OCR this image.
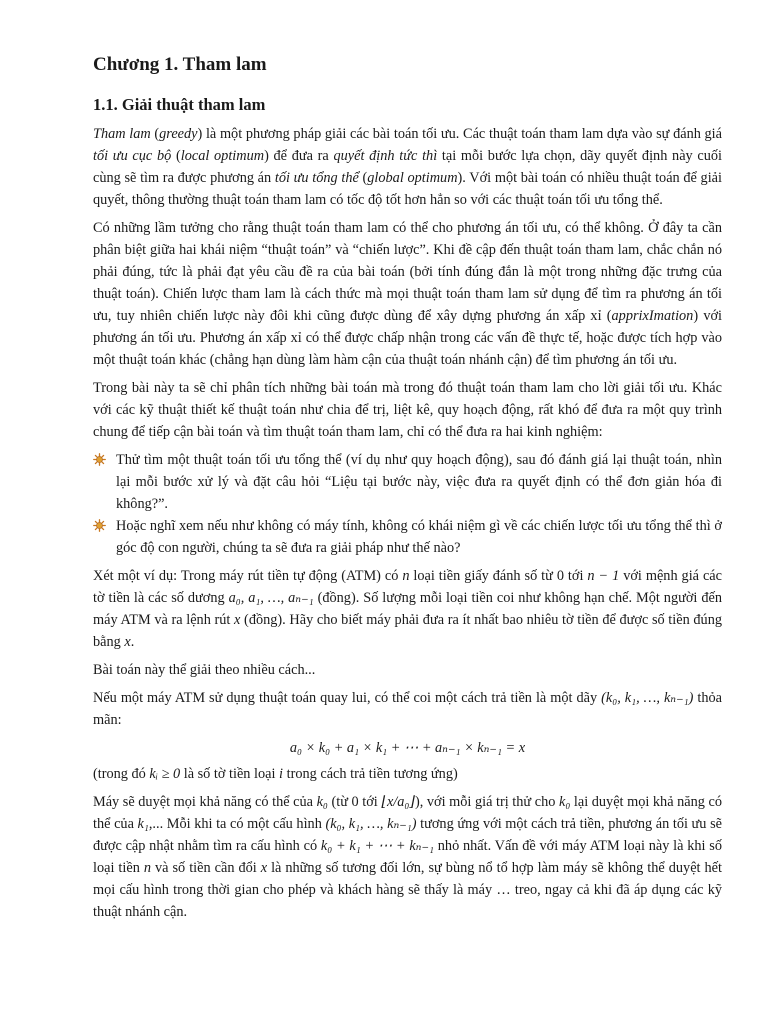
Chương 1. Tham lam
1.1. Giải thuật tham lam

Tham lam (greedy) là một phương pháp giải các bài toán tối ưu. Các thuật toán tham lam dựa vào sự đánh giá tối ưu cục bộ (local optimum) để đưa ra quyết định tức thì tại mỗi bước lựa chọn, dãy quyết định này cuối cùng sẽ tìm ra được phương án tối ưu tổng thể (global optimum). Với một bài toán có nhiều thuật toán để giải quyết, thông thường thuật toán tham lam có tốc độ tốt hơn hẳn so với các thuật toán tối ưu tổng thể.

Có những lầm tưởng cho rằng thuật toán tham lam có thể cho phương án tối ưu, có thể không. Ở đây ta cần phân biệt giữa hai khái niệm “thuật toán” và “chiến lược”. Khi đề cập đến thuật toán tham lam, chắc chắn nó phải đúng, tức là phải đạt yêu cầu đề ra của bài toán (bởi tính đúng đắn là một trong những đặc trưng của thuật toán). Chiến lược tham lam là cách thức mà mọi thuật toán tham lam sử dụng để tìm ra phương án tối ưu, tuy nhiên chiến lược này đôi khi cũng được dùng để xây dựng phương án xấp xỉ (apprixImation) với phương án tối ưu. Phương án xấp xỉ có thể được chấp nhận trong các vấn đề thực tế, hoặc được tích hợp vào một thuật toán khác (chẳng hạn dùng làm hàm cận của thuật toán nhánh cận) để tìm phương án tối ưu.

Trong bài này ta sẽ chỉ phân tích những bài toán mà trong đó thuật toán tham lam cho lời giải tối ưu. Khác với các kỹ thuật thiết kế thuật toán như chia để trị, liệt kê, quy hoạch động, rất khó để đưa ra một quy trình chung để tiếp cận bài toán và tìm thuật toán tham lam, chỉ có thể đưa ra hai kinh nghiệm:

Thử tìm một thuật toán tối ưu tổng thể (ví dụ như quy hoạch động), sau đó đánh giá lại thuật toán, nhìn lại mỗi bước xử lý và đặt câu hỏi “Liệu tại bước này, việc đưa ra quyết định có thể đơn giản hóa đi không?”.
Hoặc nghĩ xem nếu như không có máy tính, không có khái niệm gì về các chiến lược tối ưu tổng thể thì ở góc độ con người, chúng ta sẽ đưa ra giải pháp như thế nào?

Xét một ví dụ: Trong máy rút tiền tự động (ATM) có n loại tiền giấy đánh số từ 0 tới n − 1 với mệnh giá các tờ tiền là các số dương a₀, a₁, …, aₙ₋₁ (đồng). Số lượng mỗi loại tiền coi như không hạn chế. Một người đến máy ATM và ra lệnh rút x (đồng). Hãy cho biết máy phải đưa ra ít nhất bao nhiêu tờ tiền để được số tiền đúng bằng x.

Bài toán này thể giải theo nhiều cách...

Nếu một máy ATM sử dụng thuật toán quay lui, có thể coi một cách trả tiền là một dãy (k₀, k₁, …, kₙ₋₁) thỏa mãn:

a₀ × k₀ + a₁ × k₁ + ⋯ + aₙ₋₁ × kₙ₋₁ = x

(trong đó kᵢ ≥ 0 là số tờ tiền loại i trong cách trả tiền tương ứng)

Máy sẽ duyệt mọi khả năng có thể của k₀ (từ 0 tới ⌊x/a₀⌋), với mỗi giá trị thử cho k₀ lại duyệt mọi khả năng có thể của k₁,... Mỗi khi ta có một cấu hình (k₀, k₁, …, kₙ₋₁) tương ứng với một cách trả tiền, phương án tối ưu sẽ được cập nhật nhằm tìm ra cấu hình có k₀ + k₁ + ⋯ + kₙ₋₁ nhỏ nhất. Vấn đề với máy ATM loại này là khi số loại tiền n và số tiền cần đổi x là những số tương đối lớn, sự bùng nổ tổ hợp làm máy sẽ không thể duyệt hết mọi cấu hình trong thời gian cho phép và khách hàng sẽ thấy là máy … treo, ngay cả khi đã áp dụng các kỹ thuật nhánh cận.
